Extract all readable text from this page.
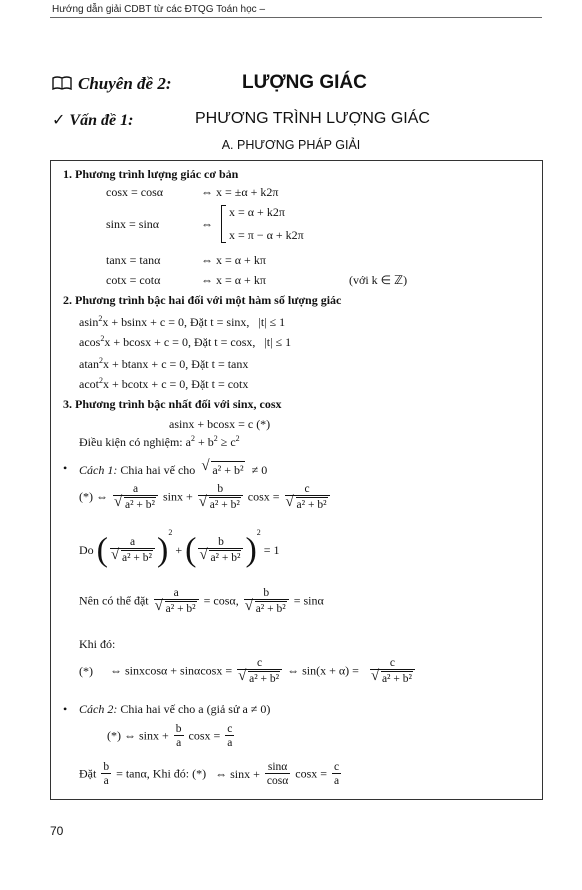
Hướng dẫn giải CDBT từ các ĐTQG Toán học –
Chuyên đề 2:	LƯỢNG GIÁC
✓ Vấn đề 1:	PHƯƠNG TRÌNH LƯỢNG GIÁC
A. PHƯƠNG PHÁP GIẢI
1. Phương trình lượng giác cơ bản
cosx = cosα	⇔ x = ±α + k2π
sinx = sinα	⇔
x = α + k2π
x = π − α + k2π
tanx = tanα	⇔ x = α + kπ
cotx = cotα	⇔ x = α + kπ	(với k ∈ ℤ)
2. Phương trình bậc hai đối với một hàm số lượng giác
asin$^2$x + bsinx + c = 0, Đặt t = sinx, |t| ≤ 1
acos$^2$x + bcosx + c = 0, Đặt t = cosx, |t| ≤ 1
atan$^2$x + btanx + c = 0, Đặt t = tanx
acot$^2$x + bcotx + c = 0, Đặt t = cotx
3. Phương trình bậc nhất đối với sinx, cosx
asinx + bcosx = c (*)
Điều kiện có nghiệm: $a^2 + b^2 \ge c^2$
• Cách 1: Chia hai vế cho √ a² + b² ≠ 0
(*) ⇔ a
√ a² + b² sinx + b
√ a² + b² cosx = c
√ a² + b²
Do ( a
√ a² + b² )$^2$ + ( b
√ a² + b² )$^2$ = 1
Nên có thể đặt a
√ a² + b² = cosα, b
√ a² + b² = sinα
Khi đó:
(*) ⇔ sinxcosα + sinαcosx = c
√ a² + b² ⇔ sin(x + α) = c
√ a² + b²
• Cách 2: Chia hai vế cho a (giả sử a ≠ 0)
(*) ⇔ $\sin x + \frac{b}{a}$ $\cos x = \frac{c}{a}$
Đặt $\frac{b}{a} = \tan\alpha$, Khi đó: (*) ⇔ $\sin x + \frac{\sin\alpha}{\cos\alpha}$ $\cos x = \frac{c}{a}$
70
